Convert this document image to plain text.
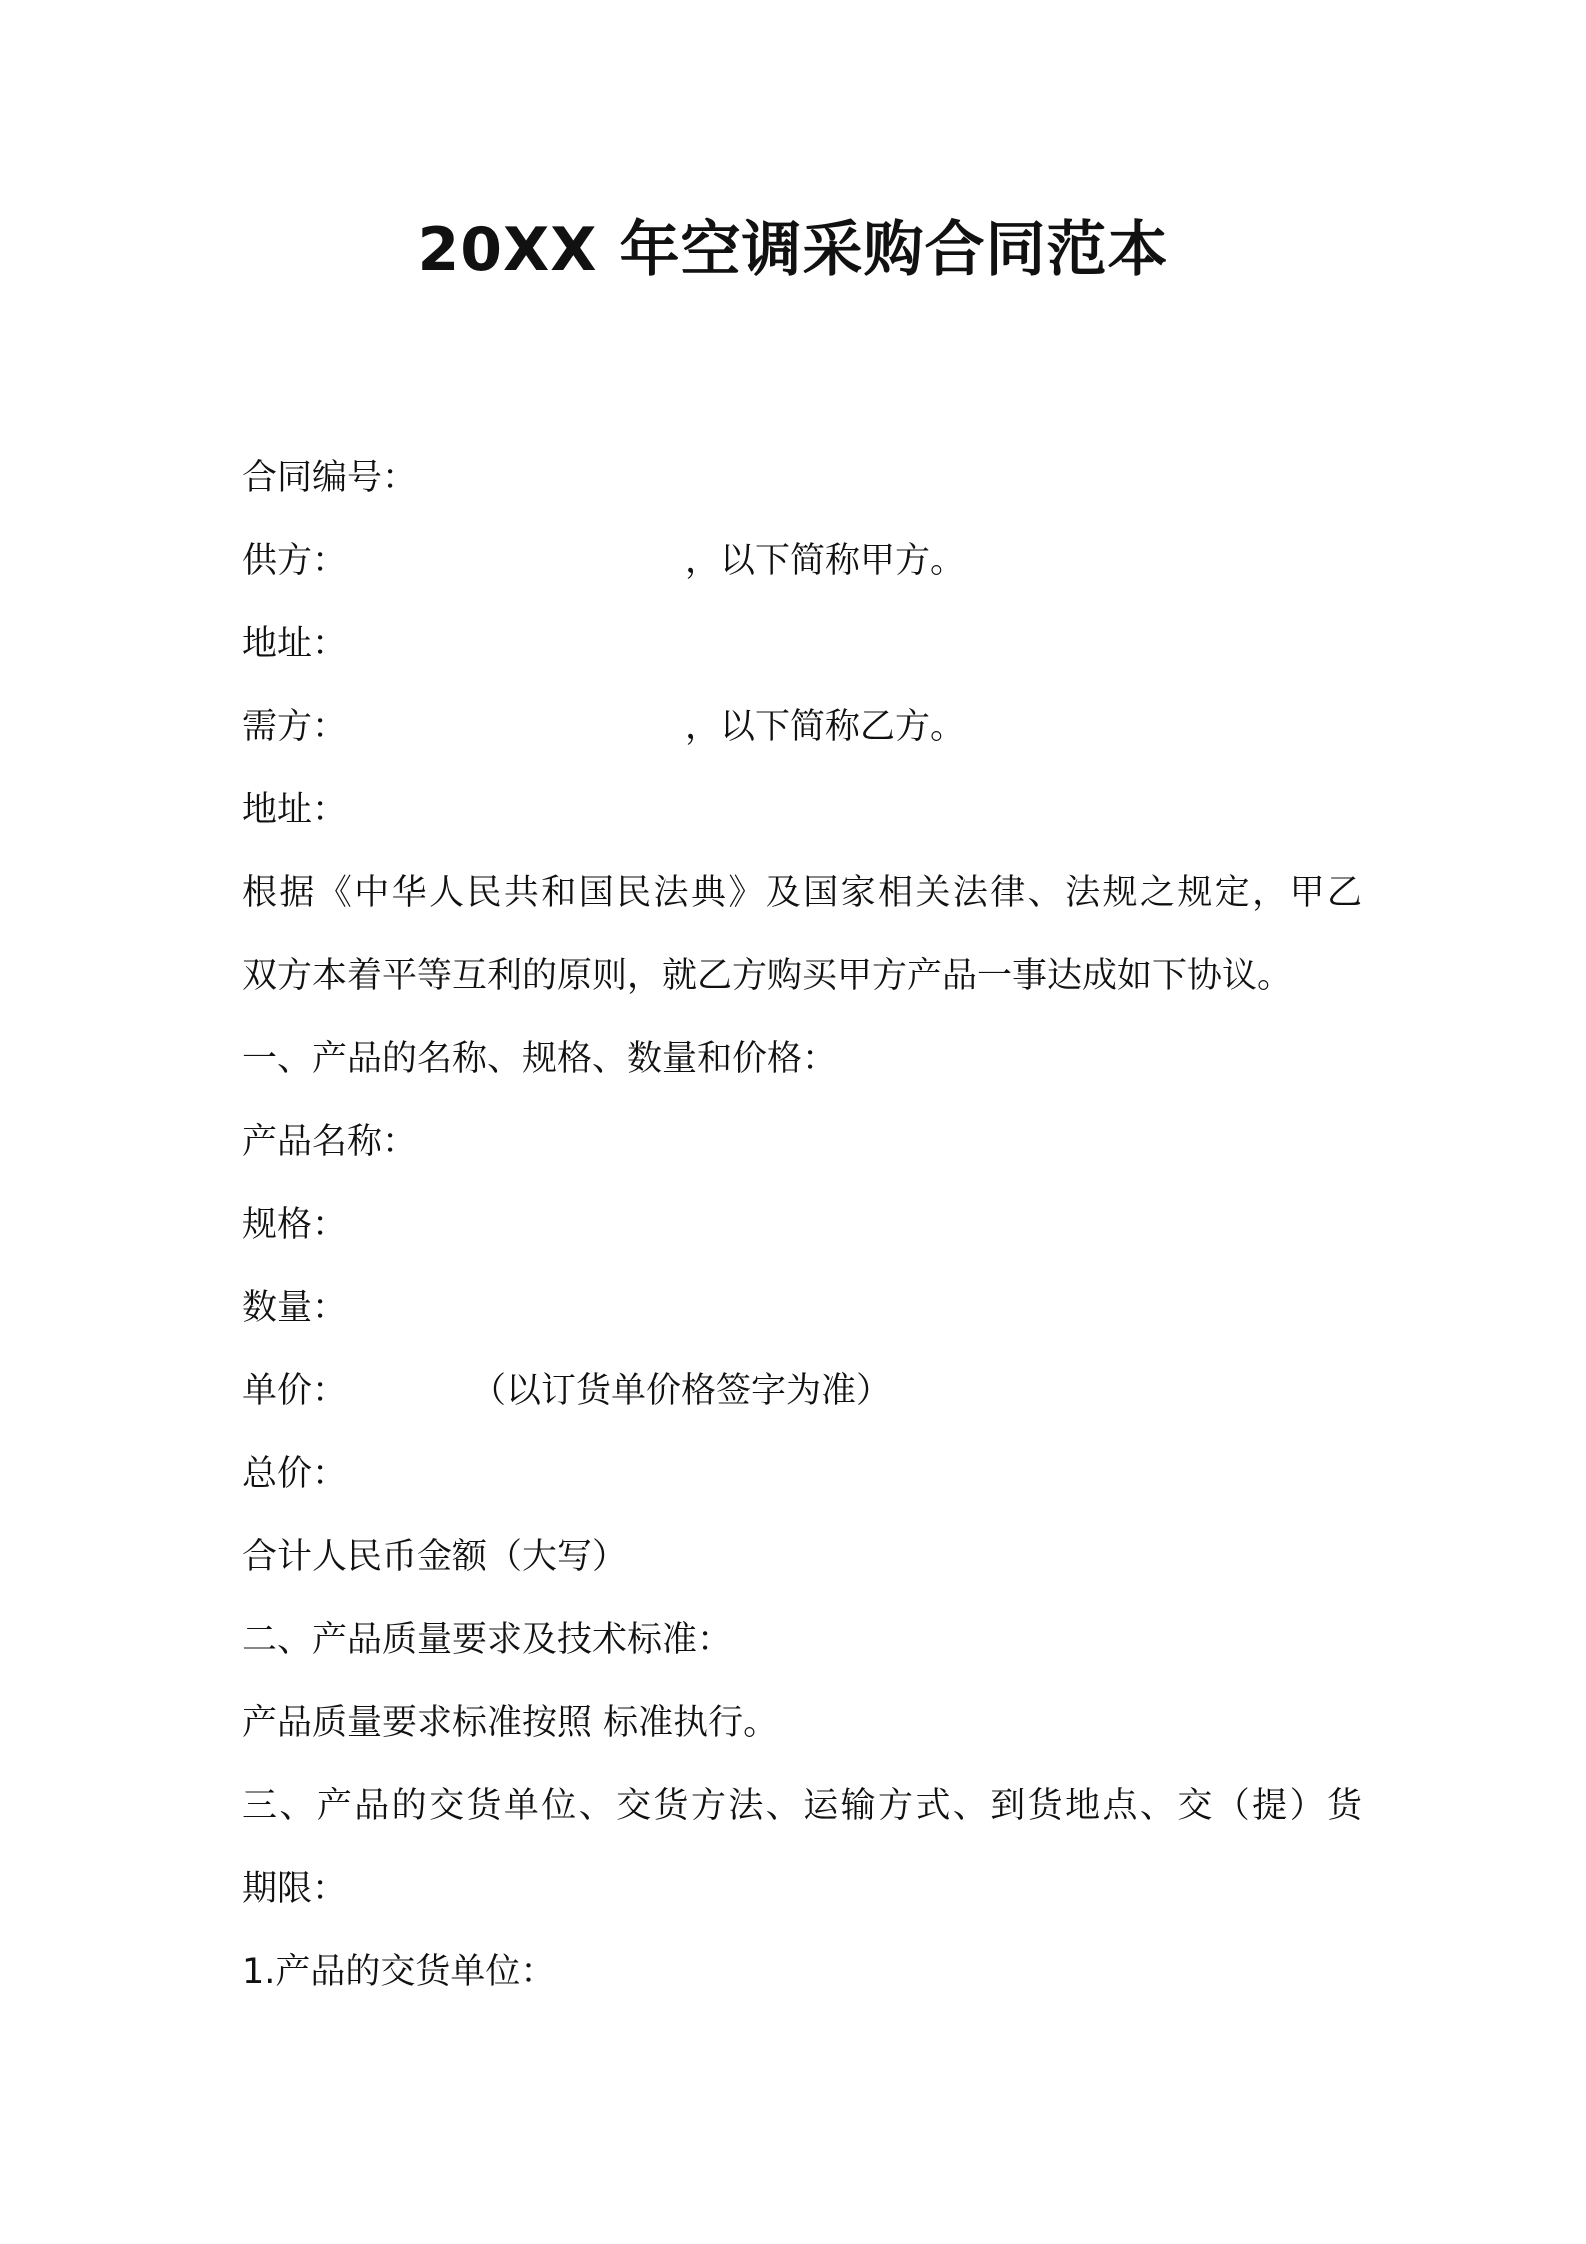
20XX 年空调采购合同范本
合同编号：
供方：	，以下简称甲方。
地址：
需方：	，以下简称乙方。
地址：
根据《中华人民共和国民法典》及国家相关法律、法规之规定，甲乙
双方本着平等互利的原则，就乙方购买甲方产品一事达成如下协议。
一、产品的名称、规格、数量和价格：
产品名称：
规格：
数量：
单价：	（以订货单价格签字为准）
总价：
合计人民币金额（大写）
二、产品质量要求及技术标准：
产品质量要求标准按照 标准执行。
三、产品的交货单位、交货方法、运输方式、到货地点、交（提）货
期限：
1.产品的交货单位：
